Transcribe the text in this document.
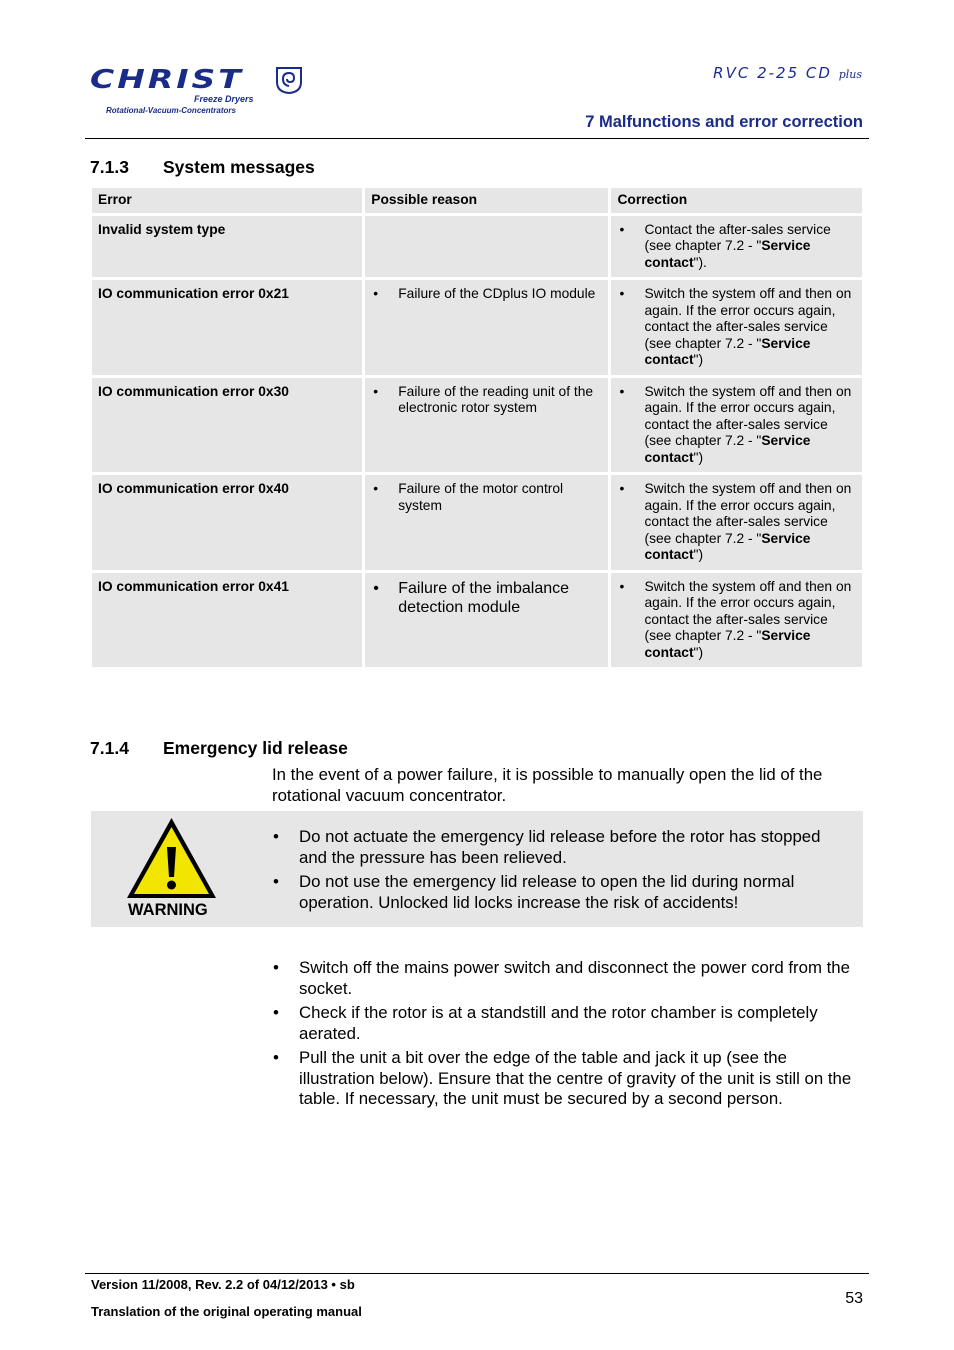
CHRIST
Freeze Dryers
Rotational-Vacuum-Concentrators
RVC 2-25 CD plus
7 Malfunctions and error correction
7.1.3 System messages
Error	Possible reason	Correction
Invalid system type		• Contact the after-sales service (see chapter 7.2 - "Service contact").

IO communication error 0x21	• Failure of the CDplus IO module	• Switch the system off and then on again. If the error occurs again, contact the after-sales service (see chapter 7.2 - "Service contact")

IO communication error 0x30	• Failure of the reading unit of the electronic rotor system	• Switch the system off and then on again. If the error occurs again, contact the after-sales service (see chapter 7.2 - "Service contact")

IO communication error 0x40	• Failure of the motor control system	• Switch the system off and then on again. If the error occurs again, contact the after-sales service (see chapter 7.2 - "Service contact")

IO communication error 0x41	• Failure of the imbalance detection module	• Switch the system off and then on again. If the error occurs again, contact the after-sales service (see chapter 7.2 - "Service contact")
7.1.4 Emergency lid release
In the event of a power failure, it is possible to manually open the lid of the rotational vacuum concentrator.
WARNING
• Do not actuate the emergency lid release before the rotor has stopped and the pressure has been relieved.
• Do not use the emergency lid release to open the lid during normal operation. Unlocked lid locks increase the risk of accidents!
• Switch off the mains power switch and disconnect the power cord from the socket.
• Check if the rotor is at a standstill and the rotor chamber is completely aerated.
• Pull the unit a bit over the edge of the table and jack it up (see the illustration below). Ensure that the centre of gravity of the unit is still on the table. If necessary, the unit must be secured by a second person.
Version 11/2008, Rev. 2.2 of 04/12/2013 • sb
Translation of the original operating manual
53
